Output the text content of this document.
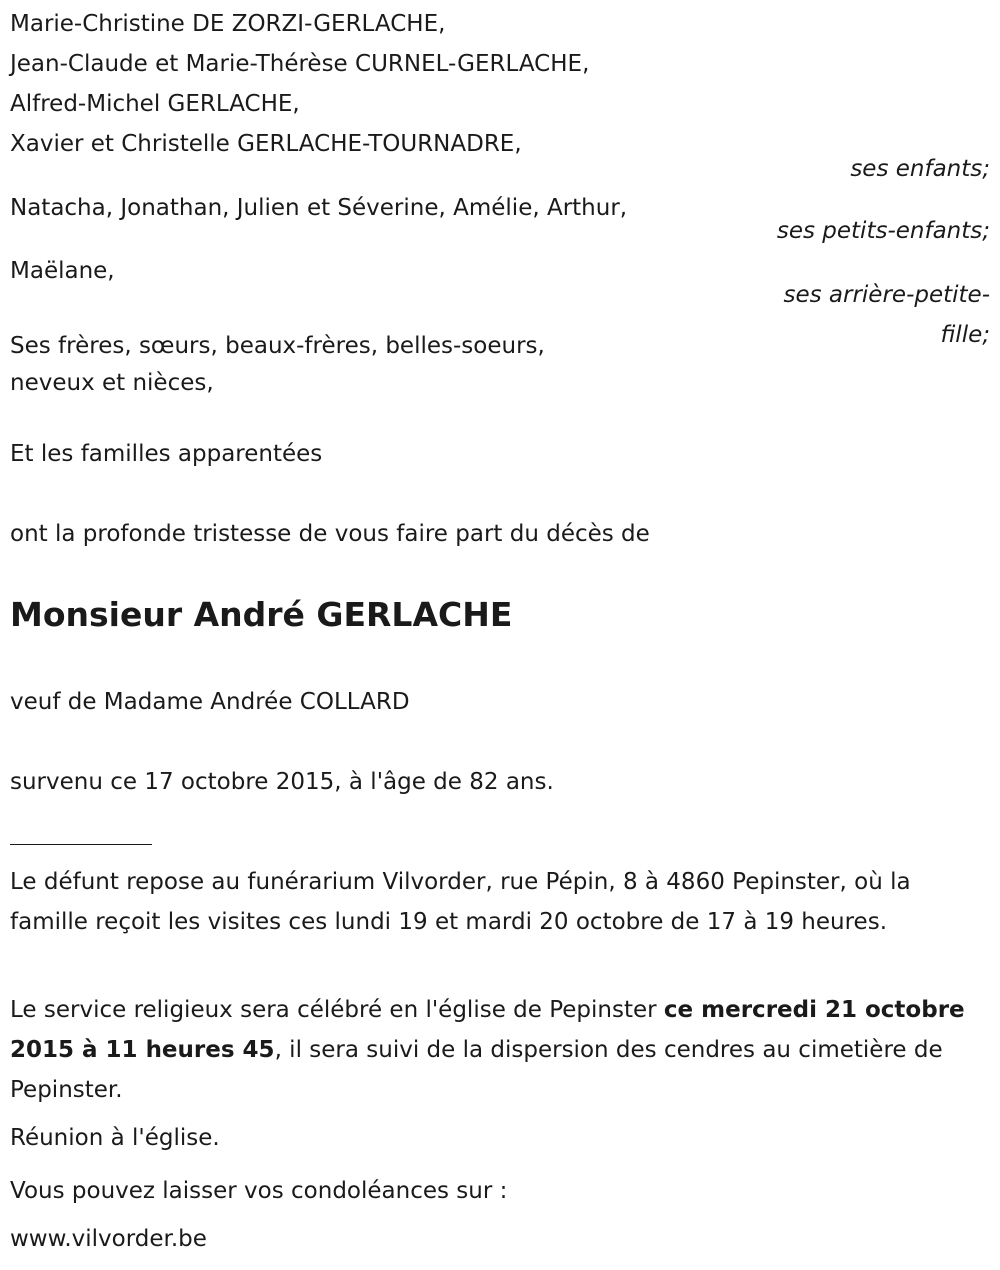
Marie-Christine DE ZORZI-GERLACHE,
Jean-Claude et Marie-Thérèse CURNEL-GERLACHE,
Alfred-Michel GERLACHE,
Xavier et Christelle GERLACHE-TOURNADRE,
ses enfants;
Natacha, Jonathan, Julien et Séverine, Amélie, Arthur,
ses petits-enfants;
Maëlane,
ses arrière-petite-
fille;
Ses frères, sœurs, beaux-frères, belles-soeurs,
neveux et nièces,
Et les familles apparentées
ont la profonde tristesse de vous faire part du décès de
Monsieur André GERLACHE
veuf de Madame Andrée COLLARD
survenu ce 17 octobre 2015, à l'âge de 82 ans.
Le défunt repose au funérarium Vilvorder, rue Pépin, 8 à 4860 Pepinster, où la famille reçoit les visites ces lundi 19 et mardi 20 octobre de 17 à 19 heures.
Le service religieux sera célébré en l'église de Pepinster ce mercredi 21 octobre 2015 à 11 heures 45, il sera suivi de la dispersion des cendres au cimetière de Pepinster.
Réunion à l'église.
Vous pouvez laisser vos condoléances sur :
www.vilvorder.be
